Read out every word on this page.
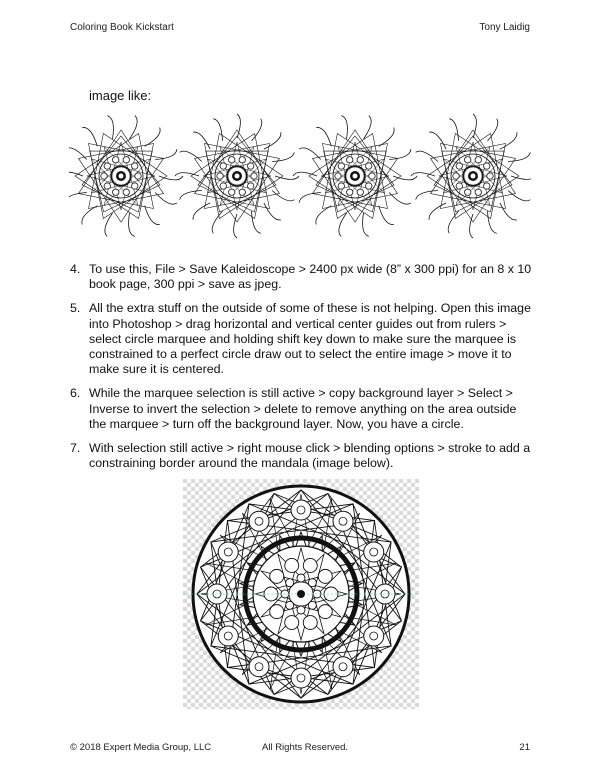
Coloring Book Kickstart	Tony Laidig
image like:
4. To use this, File > Save Kaleidoscope > 2400 px wide (8” x 300 ppi) for an 8 x 10 book page, 300 ppi > save as jpeg.
5. All the extra stuff on the outside of some of these is not helping. Open this image into Photoshop > drag horizontal and vertical center guides out from rulers > select circle marquee and holding shift key down to make sure the marquee is constrained to a perfect circle draw out to select the entire image > move it to make sure it is centered.
6. While the marquee selection is still active > copy background layer > Select > Inverse to invert the selection > delete to remove anything on the area outside the marquee > turn off the background layer. Now, you have a circle.
7. With selection still active > right mouse click > blending options > stroke to add a constraining border around the mandala (image below).
© 2018 Expert Media Group, LLC	All Rights Reserved.	21
